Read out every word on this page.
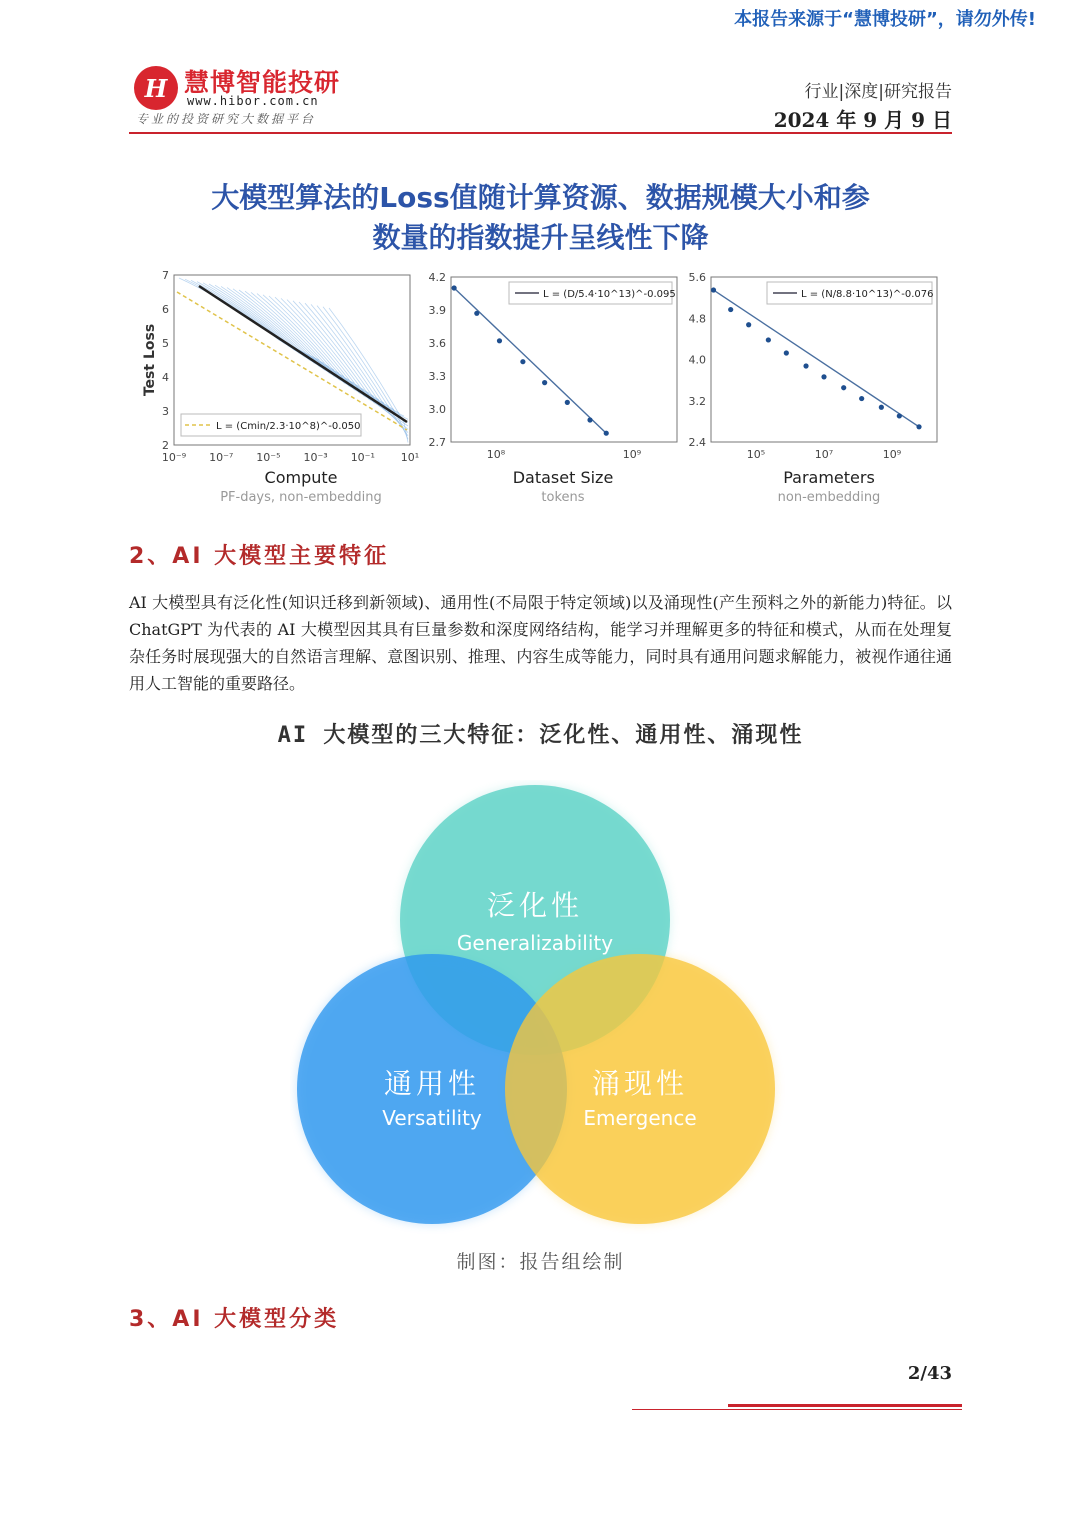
本报告来源于“慧博投研”，请勿外传!
H 慧博智能投研
www.hibor.com.cn
专业的投资研究大数据平台
行业|深度|研究报告
2024 年 9 月 9 日
大模型算法的Loss值随计算资源、数据规模大小和参
数量的指数提升呈线性下降
L = (Cmin/2.3·10^8)^-0.050
7
6
5
4
3
2
10⁻⁹ 10⁻⁷ 10⁻⁵ 10⁻³ 10⁻¹ 10¹
Test Loss
Compute
PF-days, non-embedding
L = (D/5.4·10^13)^-0.095
4.2
3.9
3.6
3.3
3.0
2.7
10⁸	10⁹
Dataset Size
tokens
L = (N/8.8·10^13)^-0.076
5.6
4.8
4.0
3.2
2.4
10⁵	10⁷	10⁹
Parameters
non-embedding
2、AI 大模型主要特征
AI 大模型具有泛化性(知识迁移到新领域)、通用性(不局限于特定领域)以及涌现性(产生预料之外的新能力)特征。以 ChatGPT 为代表的 AI 大模型因其具有巨量参数和深度网络结构，能学习并理解更多的特征和模式，从而在处理复杂任务时展现强大的自然语言理解、意图识别、推理、内容生成等能力，同时具有通用问题求解能力，被视作通往通用人工智能的重要路径。
AI 大模型的三大特征：泛化性、通用性、涌现性
泛化性
Generalizability
通用性
Versatility
涌现性
Emergence
制图：报告组绘制
3、AI 大模型分类
2/43
